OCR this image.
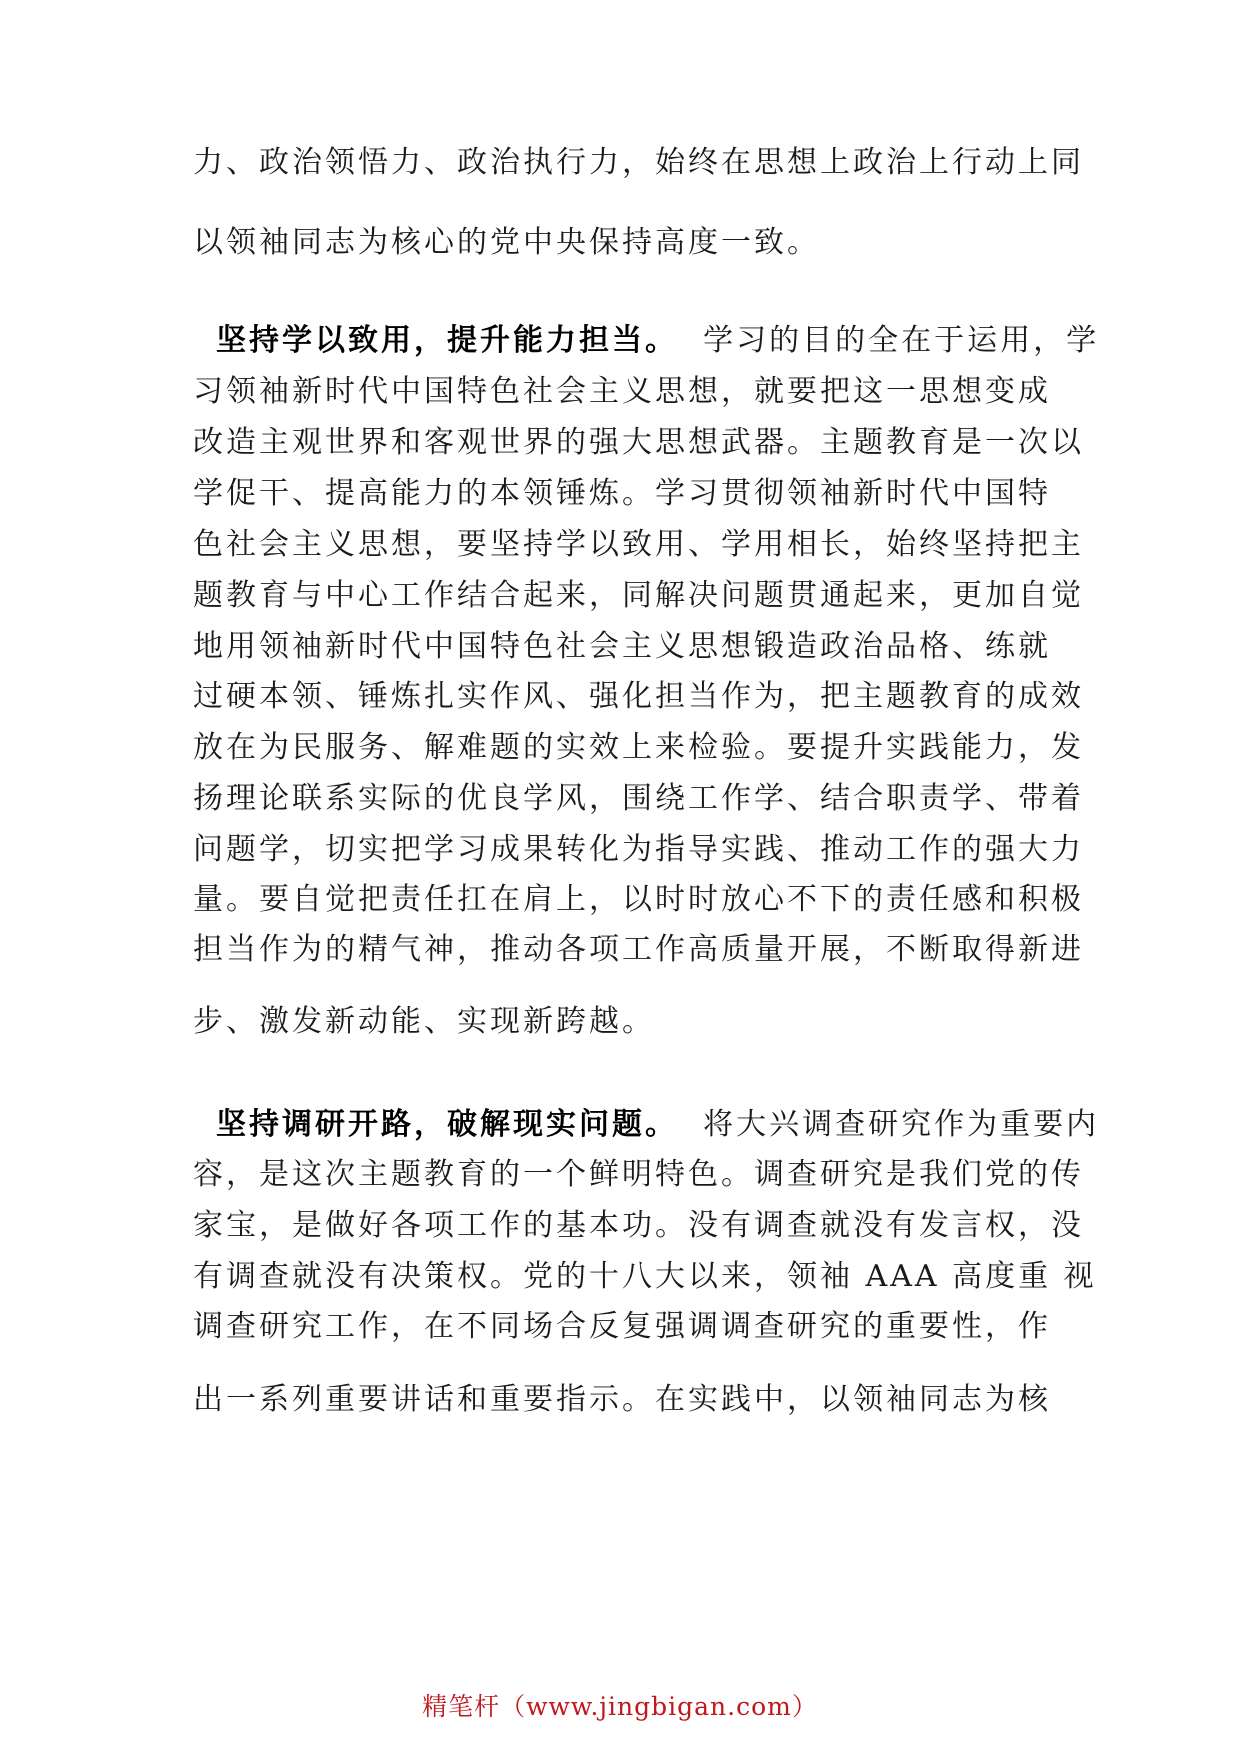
力、政治领悟力、政治执行力，始终在思想上政治上行动上同
以领袖同志为核心的党中央保持高度一致。
坚持学以致用，提升能力担当。 学习的目的全在于运用，学
习领袖新时代中国特色社会主义思想，就要把这一思想变成
改造主观世界和客观世界的强大思想武器。主题教育是一次以
学促干、提高能力的本领锤炼。学习贯彻领袖新时代中国特
色社会主义思想，要坚持学以致用、学用相长，始终坚持把主
题教育与中心工作结合起来，同解决问题贯通起来，更加自觉
地用领袖新时代中国特色社会主义思想锻造政治品格、练就
过硬本领、锤炼扎实作风、强化担当作为，把主题教育的成效
放在为民服务、解难题的实效上来检验。要提升实践能力，发
扬理论联系实际的优良学风，围绕工作学、结合职责学、带着
问题学，切实把学习成果转化为指导实践、推动工作的强大力
量。要自觉把责任扛在肩上，以时时放心不下的责任感和积极
担当作为的精气神，推动各项工作高质量开展，不断取得新进
步、激发新动能、实现新跨越。
坚持调研开路，破解现实问题。 将大兴调查研究作为重要内
容，是这次主题教育的一个鲜明特色。调查研究是我们党的传
家宝，是做好各项工作的基本功。没有调查就没有发言权，没
有调查就没有决策权。党的十八大以来，领袖 AAA 高度重 视
调查研究工作，在不同场合反复强调调查研究的重要性，作
出一系列重要讲话和重要指示。在实践中，以领袖同志为核
精笔杆（www.jingbigan.com）
